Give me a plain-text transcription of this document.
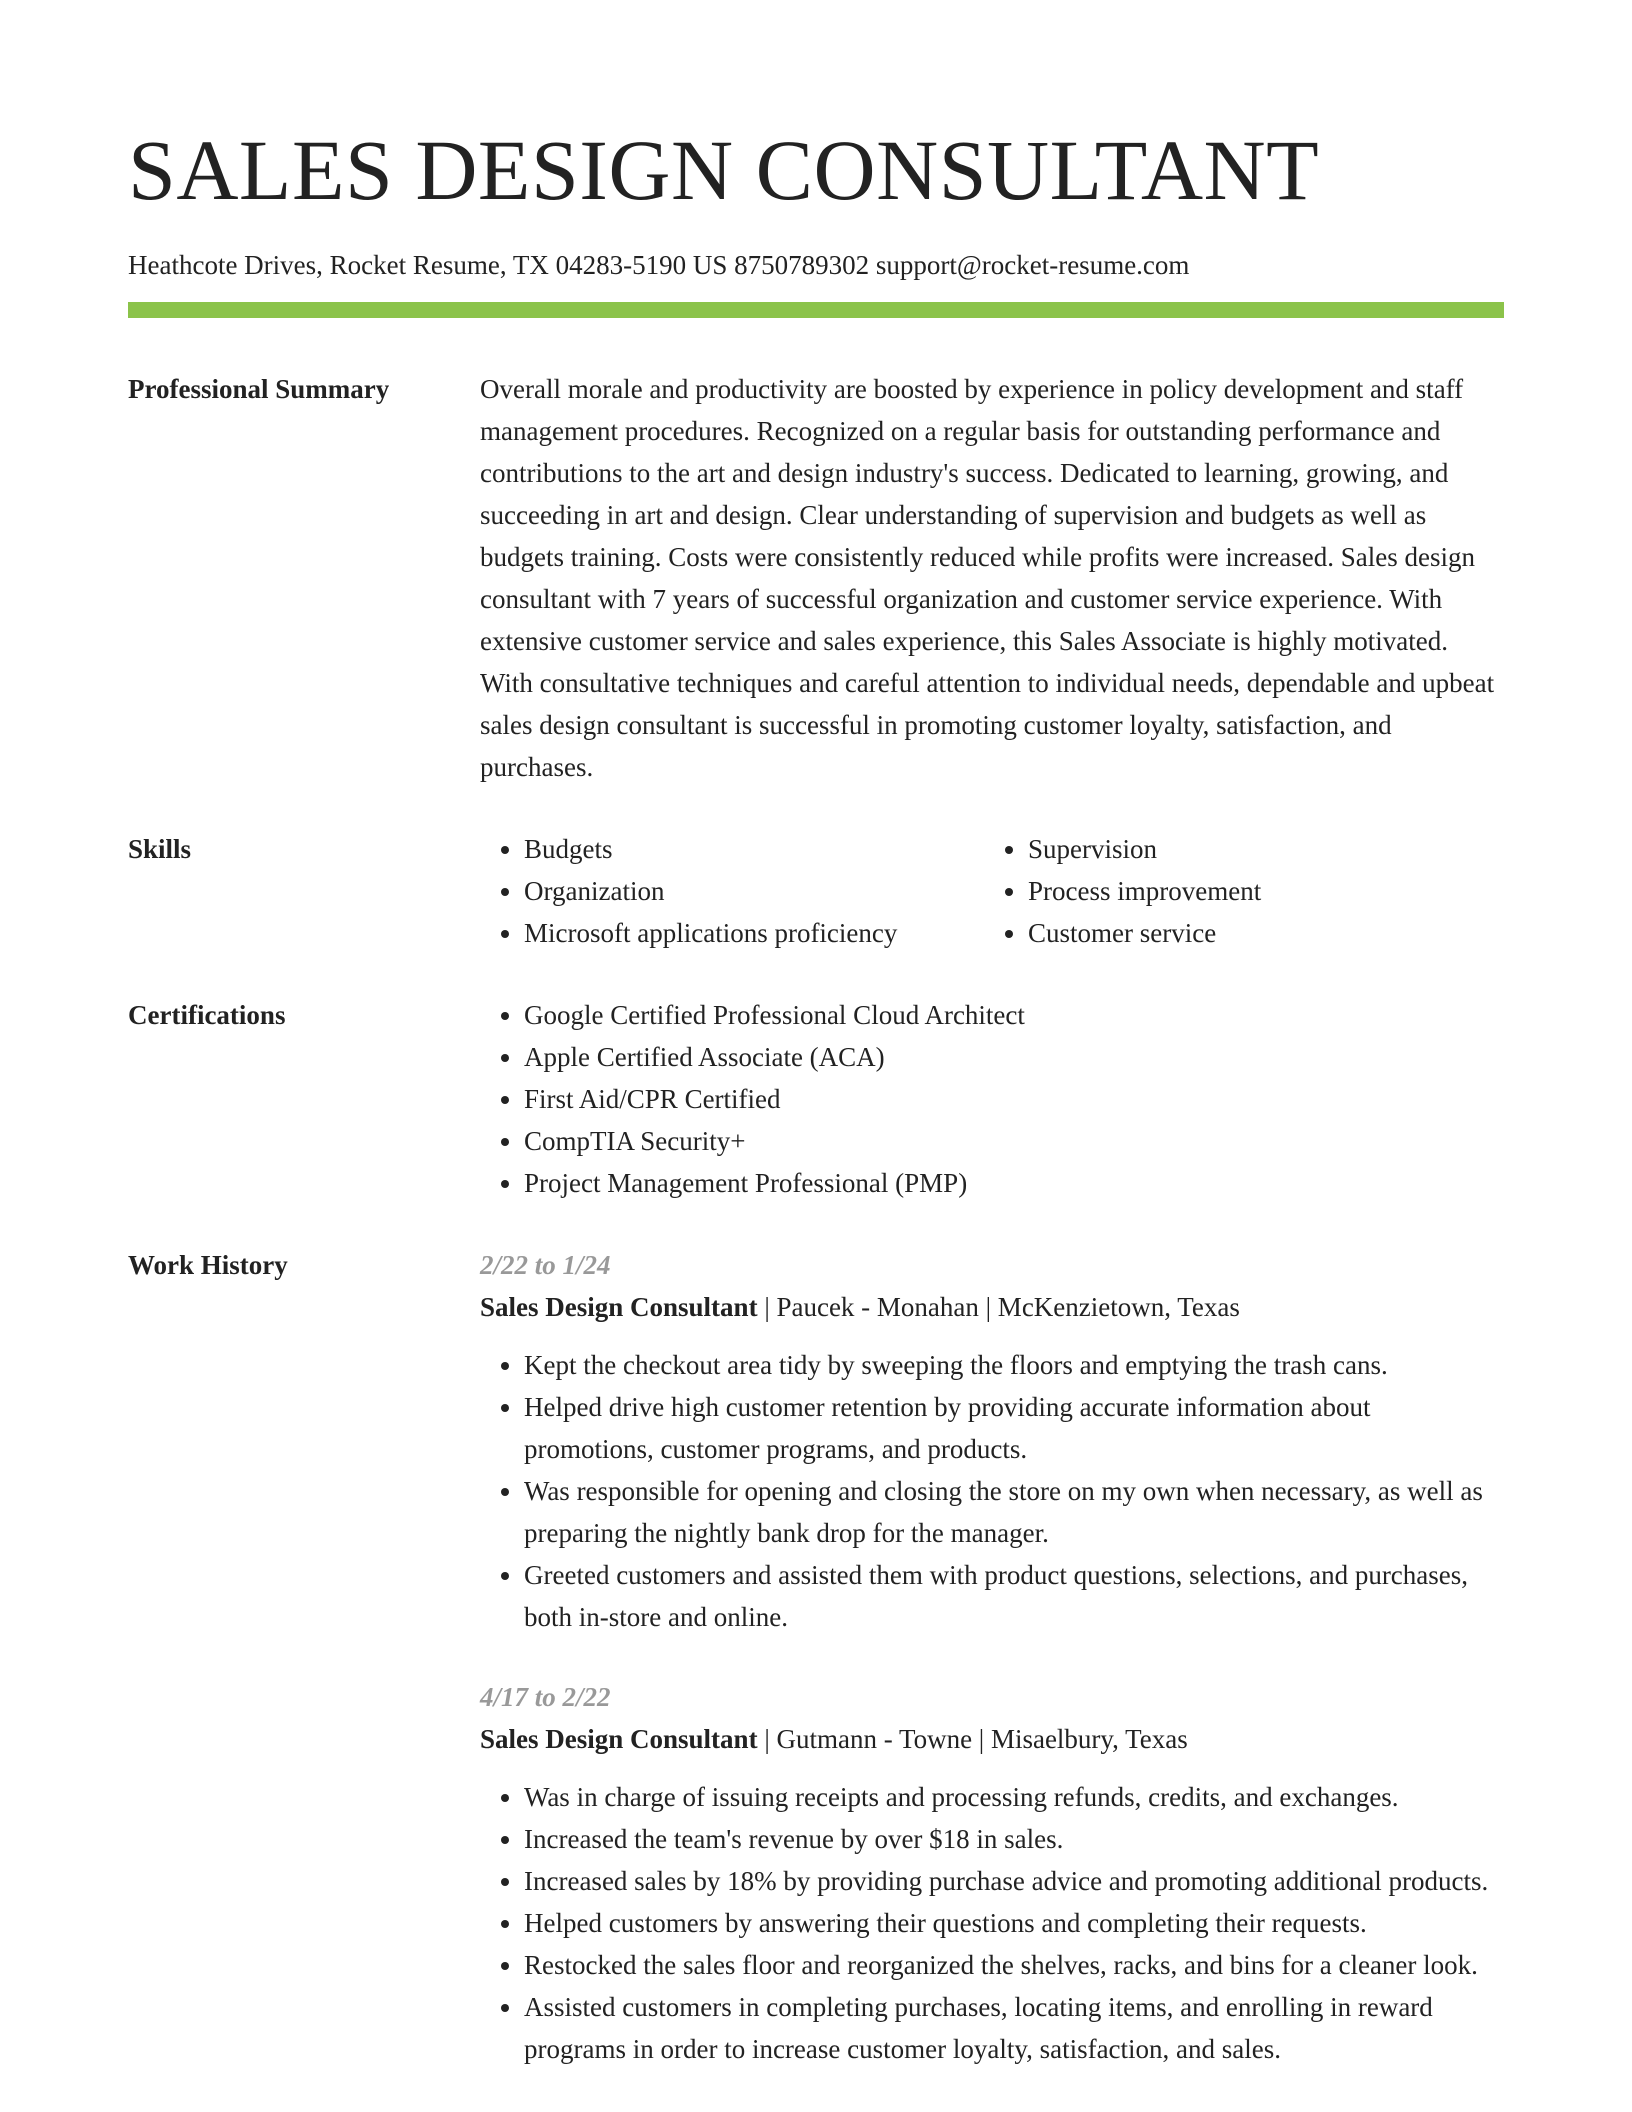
SALES DESIGN CONSULTANT
Heathcote Drives, Rocket Resume, TX 04283-5190 US 8750789302 support@rocket-resume.com
Professional Summary	Overall morale and productivity are boosted by experience in policy development and staff management procedures. Recognized on a regular basis for outstanding performance and contributions to the art and design industry's success. Dedicated to learning, growing, and succeeding in art and design. Clear understanding of supervision and budgets as well as budgets training. Costs were consistently reduced while profits were increased. Sales design consultant with 7 years of successful organization and customer service experience. With extensive customer service and sales experience, this Sales Associate is highly motivated. With consultative techniques and careful attention to individual needs, dependable and upbeat sales design consultant is successful in promoting customer loyalty, satisfaction, and purchases.

Skills	• Budgets
• Organization
• Microsoft applications proficiency
• Supervision
• Process improvement
• Customer service
Certifications	• Google Certified Professional Cloud Architect
• Apple Certified Associate (ACA)
• First Aid/CPR Certified
• CompTIA Security+
• Project Management Professional (PMP)
Work History	2/22 to 1/24
Sales Design Consultant | Paucek - Monahan | McKenzietown, Texas
• Kept the checkout area tidy by sweeping the floors and emptying the trash cans.
• Helped drive high customer retention by providing accurate information about promotions, customer programs, and products.
• Was responsible for opening and closing the store on my own when necessary, as well as preparing the nightly bank drop for the manager.
• Greeted customers and assisted them with product questions, selections, and purchases, both in-store and online.
4/17 to 2/22
Sales Design Consultant | Gutmann - Towne | Misaelbury, Texas
• Was in charge of issuing receipts and processing refunds, credits, and exchanges.
• Increased the team's revenue by over $18 in sales.
• Increased sales by 18% by providing purchase advice and promoting additional products.
• Helped customers by answering their questions and completing their requests.
• Restocked the sales floor and reorganized the shelves, racks, and bins for a cleaner look.
• Assisted customers in completing purchases, locating items, and enrolling in reward programs in order to increase customer loyalty, satisfaction, and sales.
